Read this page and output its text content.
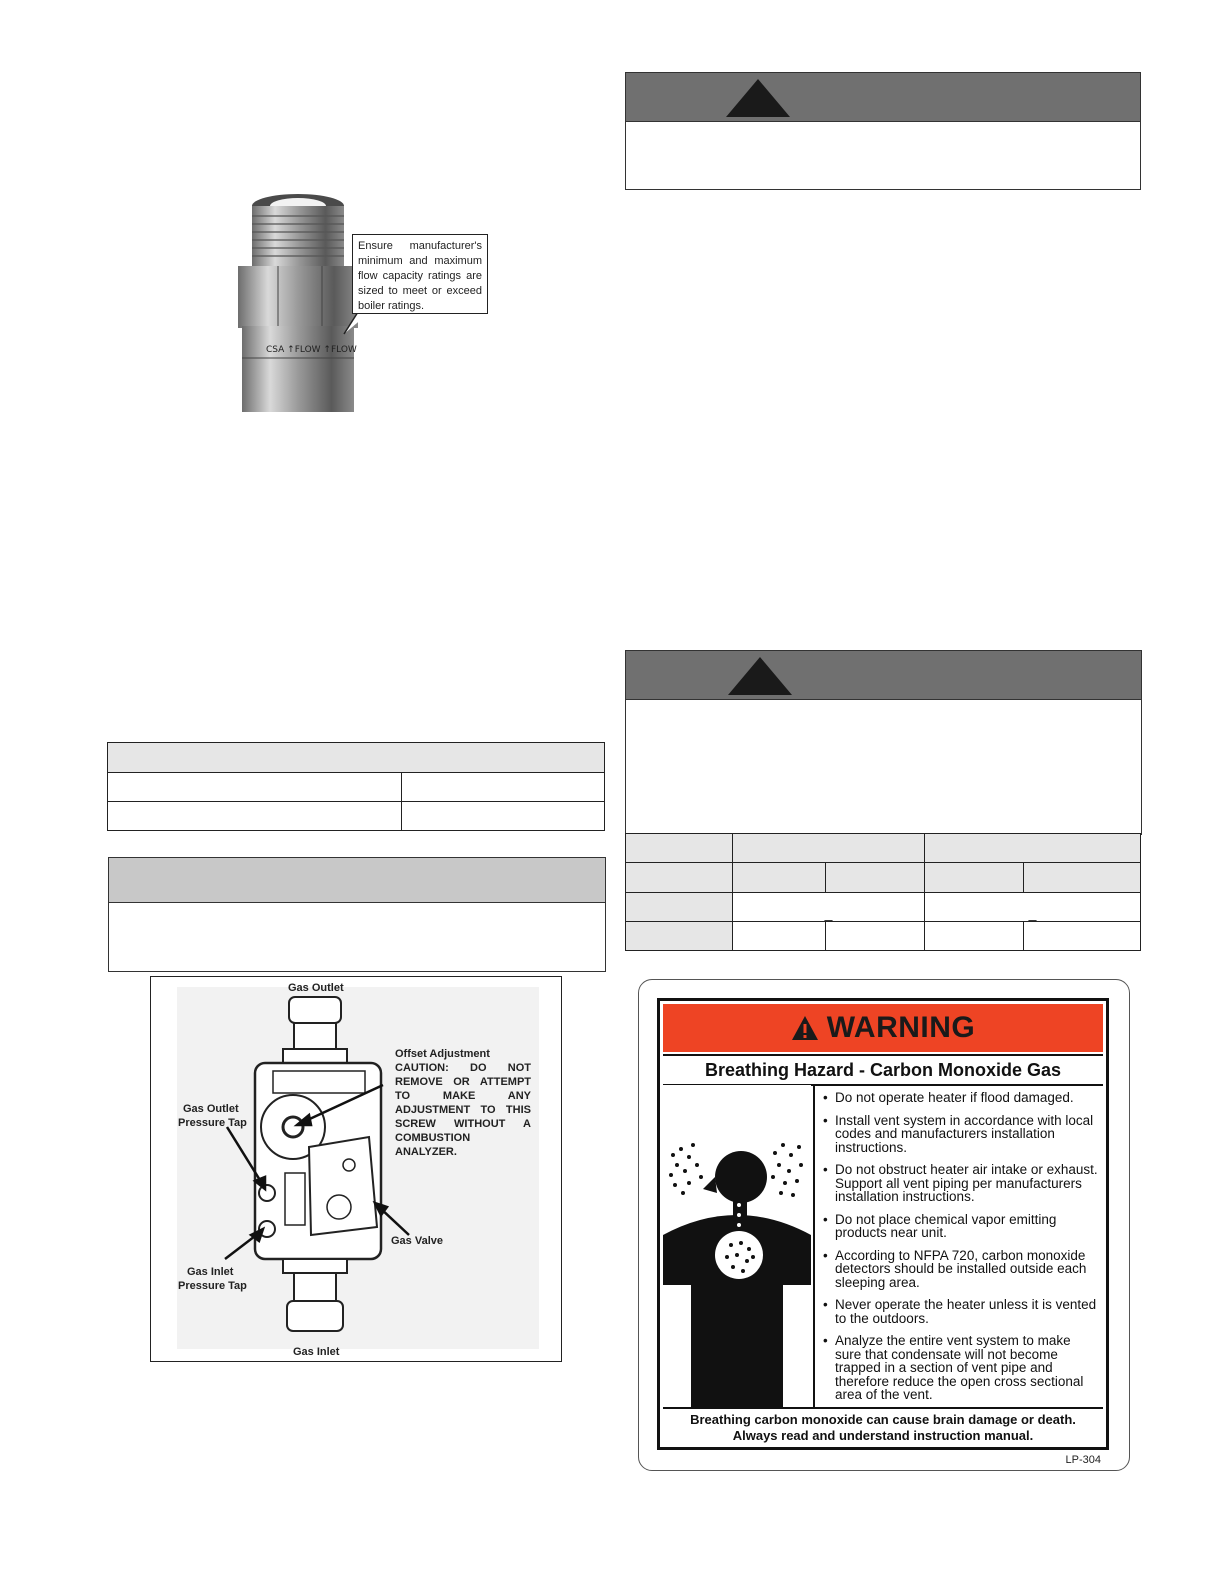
CSA ↑FLOW ↑FLOW
Ensure manufacturer's minimum and maximum flow capacity ratings are sized to meet or exceed boiler ratings.

Gas Outlet
Offset Adjustment
CAUTION: DO NOT REMOVE OR ATTEMPT TO MAKE ANY ADJUSTMENT TO THIS SCREW WITHOUT A COMBUSTION ANALYZER.
Gas Outlet
Pressure Tap
Gas Valve
Gas Inlet
Pressure Tap
Gas Inlet

	_		_	

WARNING
Breathing Hazard - Carbon Monoxide Gas
• Do not operate heater if flood damaged.
• Install vent system in accordance with local codes and manufacturers installation instructions.
• Do not obstruct heater air intake or exhaust. Support all vent piping per manufacturers installation instructions.
• Do not place chemical vapor emitting products near unit.
• According to NFPA 720, carbon monoxide detectors should be installed outside each sleeping area.
• Never operate the heater unless it is vented to the outdoors.
• Analyze the entire vent system to make sure that condensate will not become trapped in a section of vent pipe and therefore reduce the open cross sectional area of the vent.
Breathing carbon monoxide can cause brain damage or death.
Always read and understand instruction manual.
LP-304
